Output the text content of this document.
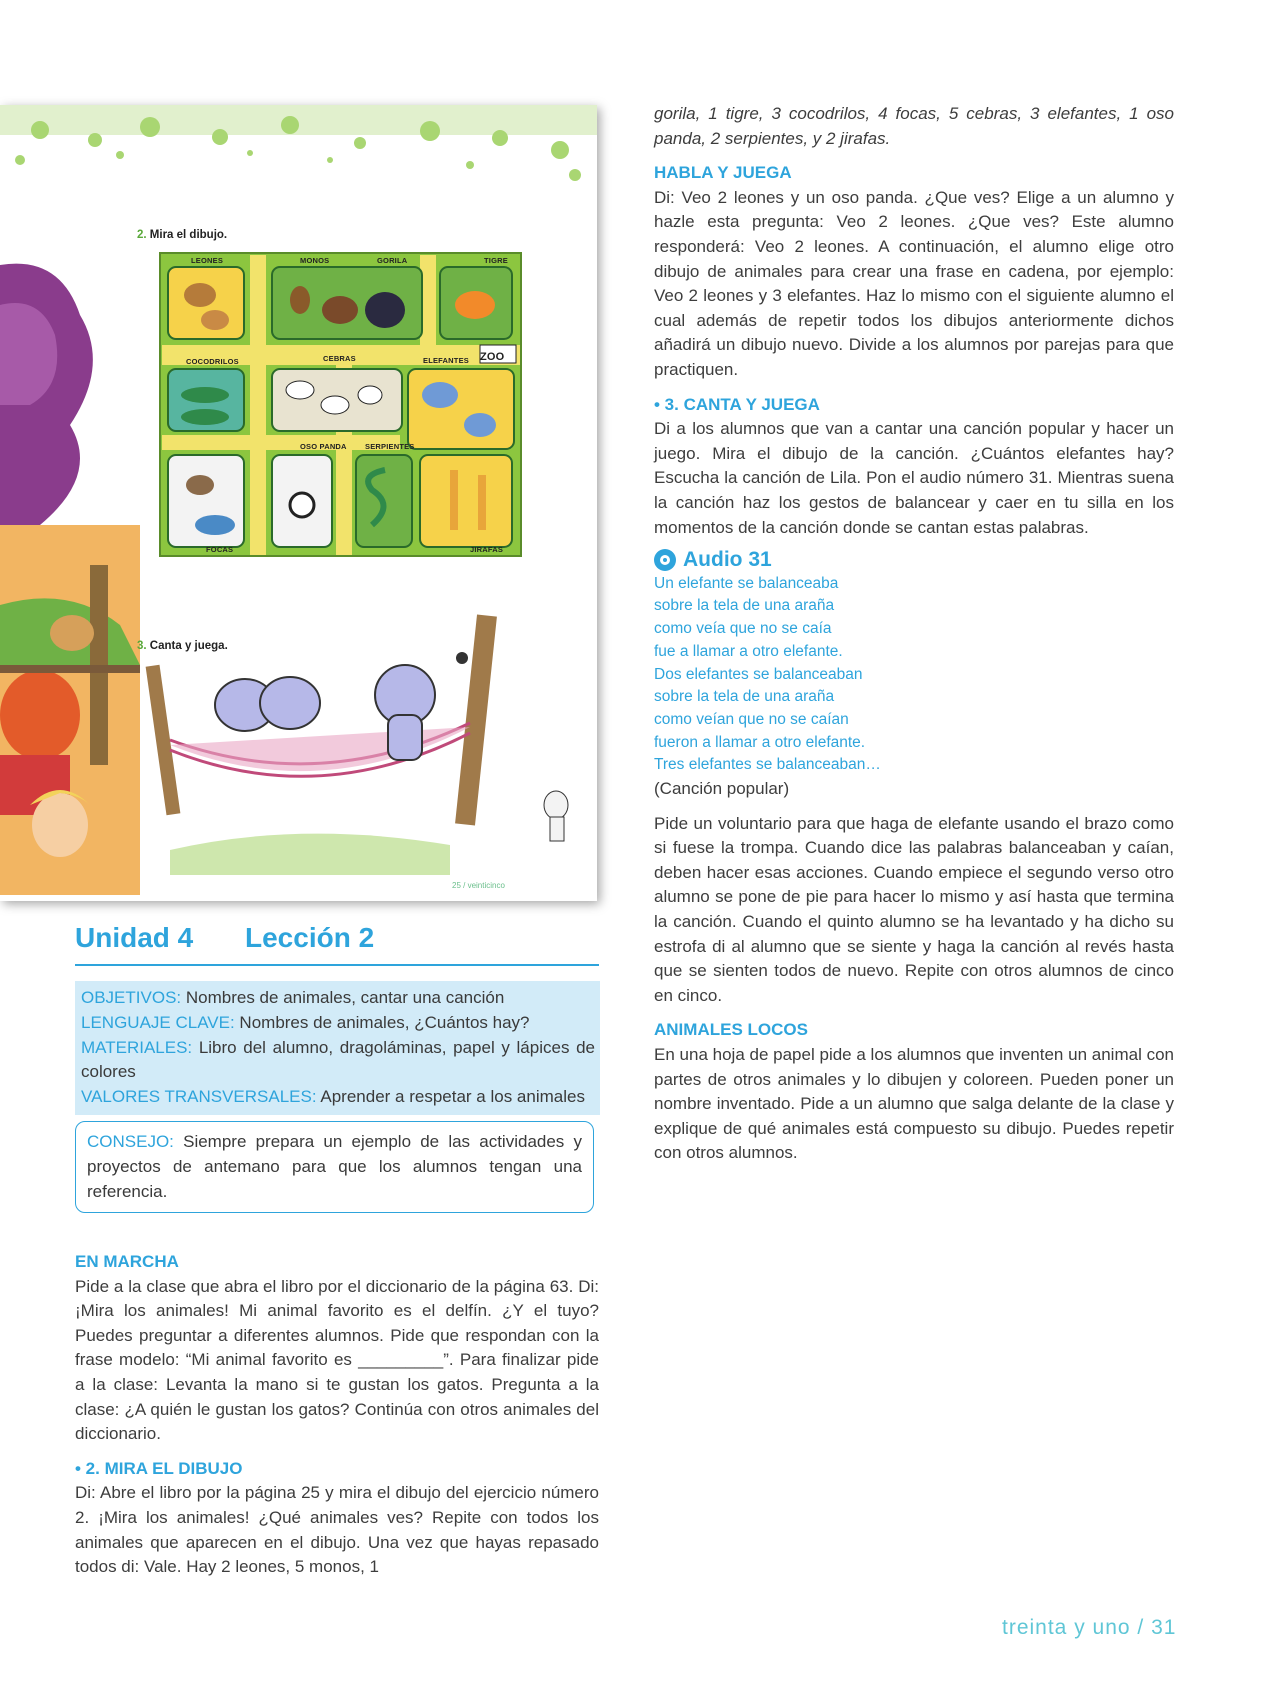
2. Mira el dibujo.
LEONES	MONOS	GORILA	TIGRE
COCODRILOS	CEBRAS	ELEFANTES ZOO
OSO PANDA SERPIENTES
FOCAS	JIRAFAS
3. Canta y juega.
25 / veinticinco

gorila, 1 tigre, 3 cocodrilos, 4 focas, 5 cebras, 3 elefantes, 1 oso panda, 2 serpientes, y 2 jirafas.

HABLA Y JUEGA

Di: Veo 2 leones y un oso panda. ¿Que ves? Elige a un alumno y hazle esta pregunta: Veo 2 leones. ¿Que ves? Este alumno responderá: Veo 2 leones. A continuación, el alumno elige otro dibujo de animales para crear una frase en cadena, por ejemplo: Veo 2 leones y 3 elefantes. Haz lo mismo con el siguiente alumno el cual además de repetir todos los dibujos anteriormente dichos añadirá un dibujo nuevo. Divide a los alumnos por parejas para que practiquen.

• 3. CANTA Y JUEGA

Di a los alumnos que van a cantar una canción popular y hacer un juego. Mira el dibujo de la canción. ¿Cuántos elefantes hay? Escucha la canción de Lila. Pon el audio número 31. Mientras suena la canción haz los gestos de balancear y caer en tu silla en los momentos de la canción donde se cantan estas palabras.

Audio 31
Un elefante se balanceaba
sobre la tela de una araña
como veía que no se caía
fue a llamar a otro elefante.
Dos elefantes se balanceaban
sobre la tela de una araña
como veían que no se caían
fueron a llamar a otro elefante.
Tres elefantes se balanceaban…

(Canción popular)

Pide un voluntario para que haga de elefante usando el brazo como si fuese la trompa. Cuando dice las palabras balanceaban y caían, deben hacer esas acciones. Cuando empiece el segundo verso otro alumno se pone de pie para hacer lo mismo y así hasta que termina la canción. Cuando el quinto alumno se ha levantado y ha dicho su estrofa di al alumno que se siente y haga la canción al revés hasta que se sienten todos de nuevo. Repite con otros alumnos de cinco en cinco.

ANIMALES LOCOS

En una hoja de papel pide a los alumnos que inventen un animal con partes de otros animales y lo dibujen y coloreen. Pueden poner un nombre inventado. Pide a un alumno que salga delante de la clase y explique de qué animales está compuesto su dibujo. Puedes repetir con otros alumnos.

Unidad 4 Lección 2
OBJETIVOS: Nombres de animales, cantar una canción
LENGUAJE CLAVE: Nombres de animales, ¿Cuántos hay?
MATERIALES: Libro del alumno, dragoláminas, papel y lápices de colores
VALORES TRANSVERSALES: Aprender a respetar a los animales
CONSEJO: Siempre prepara un ejemplo de las actividades y proyectos de antemano para que los alumnos tengan una referencia.

EN MARCHA

Pide a la clase que abra el libro por el diccionario de la página 63. Di: ¡Mira los animales! Mi animal favorito es el delfín. ¿Y el tuyo? Puedes preguntar a diferentes alumnos. Pide que respondan con la frase modelo: “Mi animal favorito es _________”. Para finalizar pide a la clase: Levanta la mano si te gustan los gatos. Pregunta a la clase: ¿A quién le gustan los gatos? Continúa con otros animales del diccionario.

• 2. MIRA EL DIBUJO

Di: Abre el libro por la página 25 y mira el dibujo del ejercicio número 2. ¡Mira los animales! ¿Qué animales ves? Repite con todos los animales que aparecen en el dibujo. Una vez que hayas repasado todos di: Vale. Hay 2 leones, 5 monos, 1

treinta y uno / 31
